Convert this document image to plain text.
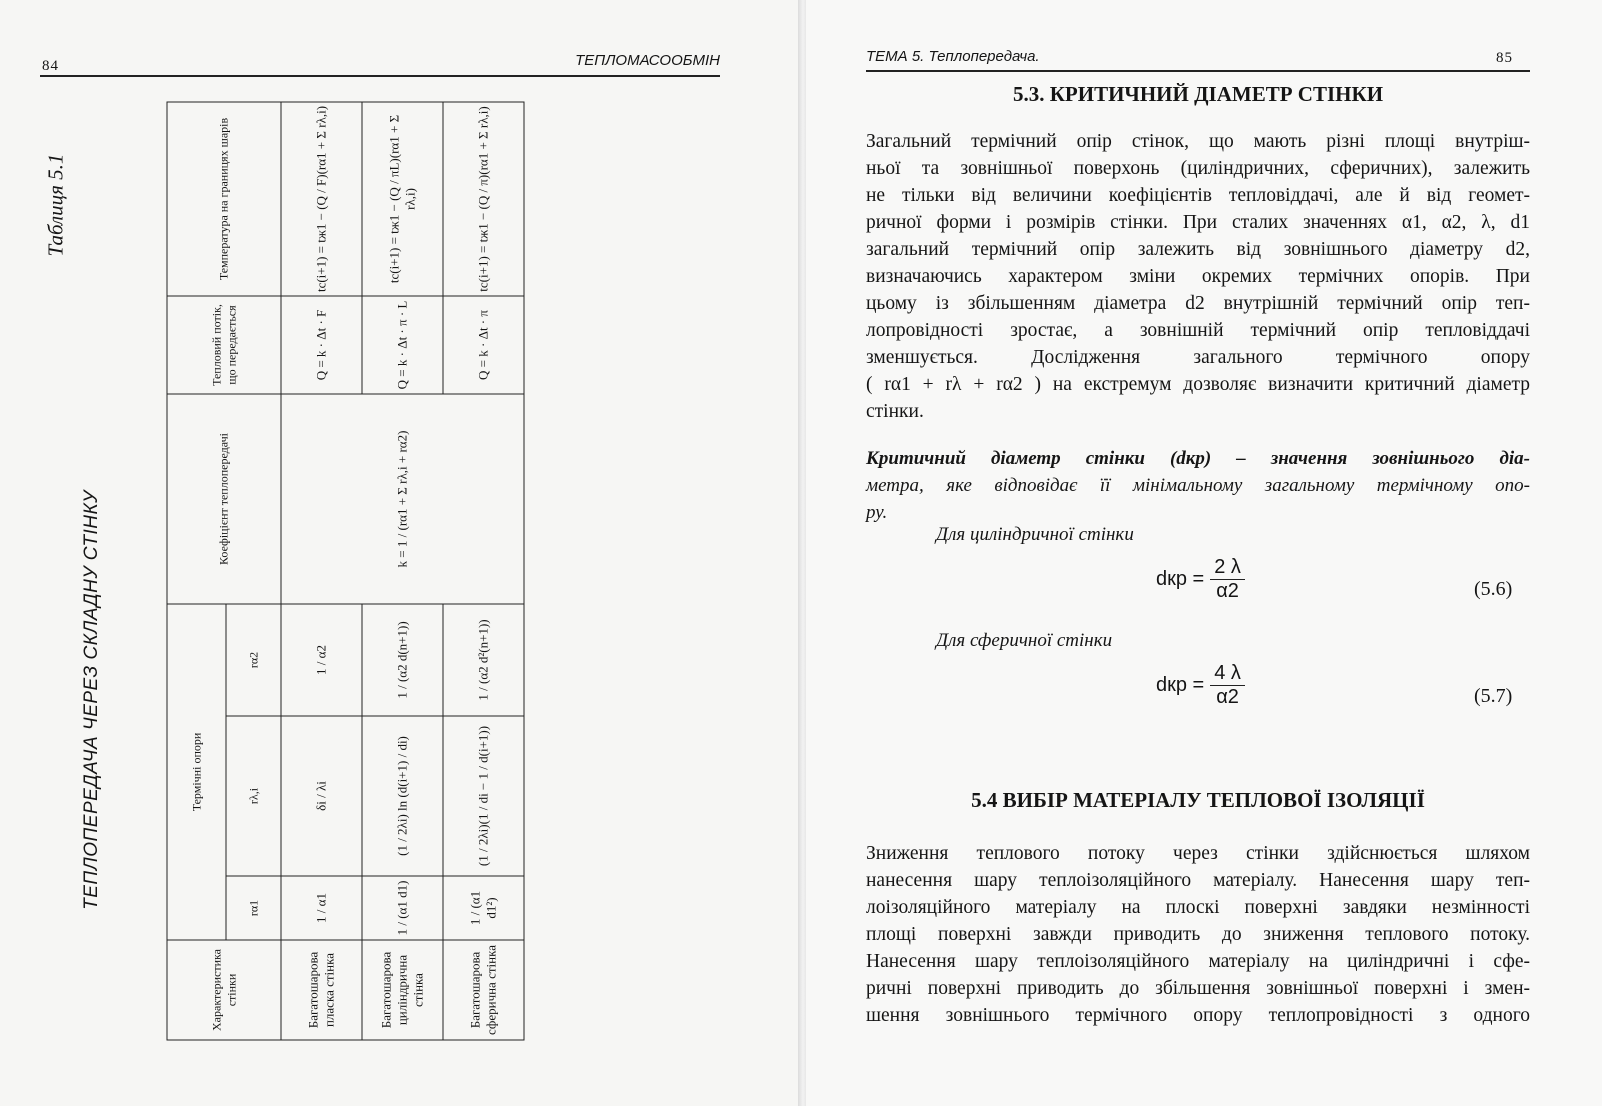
84	ТЕПЛОМАСООБМІН
Таблиця 5.1
ТЕПЛОПЕРЕДАЧА ЧЕРЕЗ СКЛАДНУ СТІНКУ
Характеристика стінки	Термічні опори			Коефіцієнт теплопередачі	Тепловий потік, що передається	Температура на границях шарів
	rα1	rλ,i	rα2			
Багатошарова пласка стінка	1 / α1	δi / λi	1 / α2	k = 1 / (rα1 + Σ rλ,i + rα2)	Q = k · Δt · F	tс(i+1) = tж1 − (Q / F)(rα1 + Σ rλ,i)
Багатошарова циліндрична стінка	1 / (α1 d1)	(1 / 2λi) ln (d(i+1) / di)	1 / (α2 d(n+1))		Q = k · Δt · π · L	tс(i+1) = tж1 − (Q / πL)(rα1 + Σ rλ,i)
Багатошарова сферична стінка	1 / (α1 d1²)	(1 / 2λi)(1 / di − 1 / d(i+1))	1 / (α2 d²(n+1))		Q = k · Δt · π	tс(i+1) = tж1 − (Q / π)(rα1 + Σ rλ,i)
ТЕМА 5. Теплопередача.	85
5.3. КРИТИЧНИЙ ДІАМЕТР СТІНКИ
Загальний термічний опір стінок, що мають різні площі внутріш-
ньої та зовнішньої поверхонь (циліндричних, сферичних), залежить
не тільки від величини коефіцієнтів тепловіддачі, але й від геомет-
ричної форми і розмірів стінки. При сталих значеннях α1, α2, λ, d1
загальний термічний опір залежить від зовнішнього діаметру d2,
визначаючись характером зміни окремих термічних опорів. При
цьому із збільшенням діаметра d2 внутрішній термічний опір теп-
лопровідності зростає, а зовнішній термічний опір тепловіддачі
зменшується. Дослідження загального термічного опору
( rα1 + rλ + rα2 ) на екстремум дозволяє визначити критичний діаметр
стінки.
Критичний діаметр стінки (dкр) – значення зовнішнього діа-
метра, яке відповідає її мінімальному загальному термічному опо-
ру.
Для циліндричної стінки
dкр = $\frac{2 \lambda}{\alpha 2}$	(5.6)
Для сферичної стінки
dкр = $\frac{4 \lambda}{\alpha 2}$	(5.7)
5.4 ВИБІР МАТЕРІАЛУ ТЕПЛОВОЇ ІЗОЛЯЦІЇ
Зниження теплового потоку через стінки здійснюється шляхом
нанесення шару теплоізоляційного матеріалу. Нанесення шару теп-
лоізоляційного матеріалу на плоскі поверхні завдяки незмінності
площі поверхні завжди приводить до зниження теплового потоку.
Нанесення шару теплоізоляційного матеріалу на циліндричні і сфе-
ричні поверхні приводить до збільшення зовнішньої поверхні і змен-
шення зовнішнього термічного опору теплопровідності з одного
